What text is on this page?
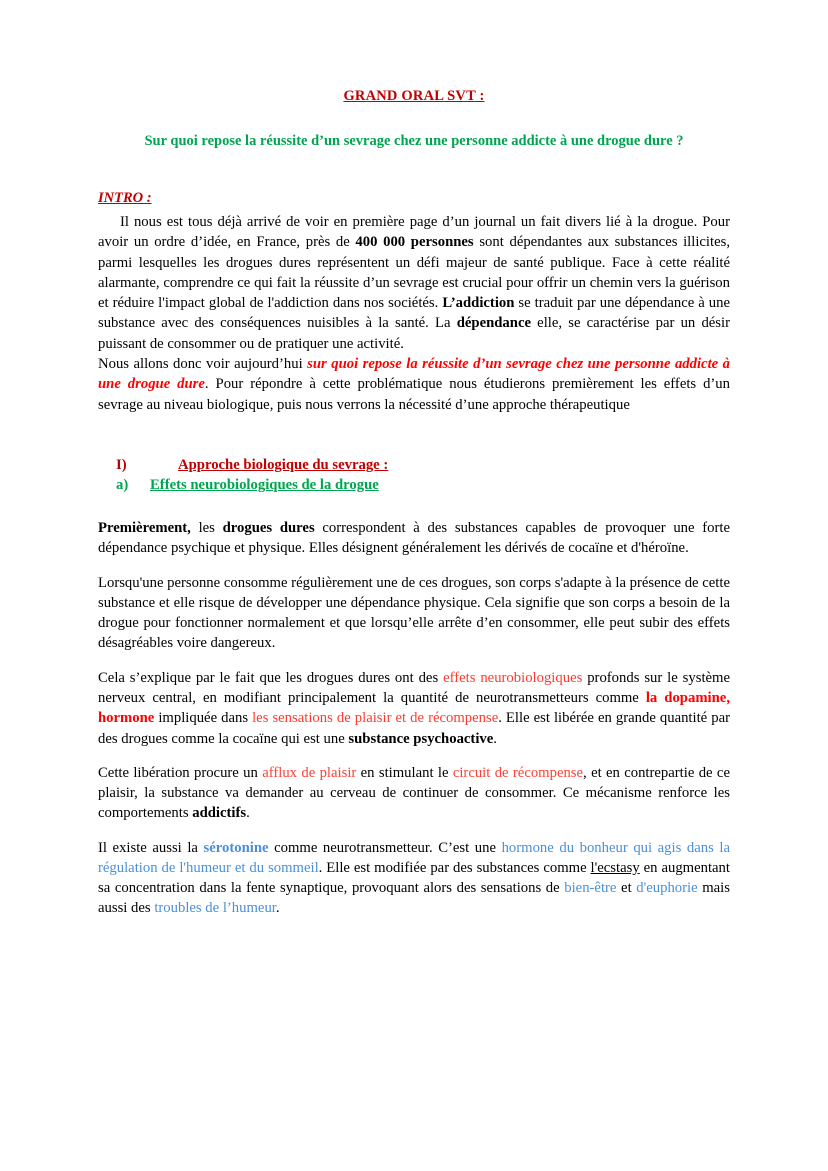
GRAND ORAL SVT :
Sur quoi repose la réussite d’un sevrage chez une personne addicte à une drogue dure ?
INTRO :

Il nous est tous déjà arrivé de voir en première page d’un journal un fait divers lié à la drogue. Pour avoir un ordre d’idée, en France, près de 400 000 personnes sont dépendantes aux substances illicites, parmi lesquelles les drogues dures représentent un défi majeur de santé publique. Face à cette réalité alarmante, comprendre ce qui fait la réussite d’un sevrage est crucial pour offrir un chemin vers la guérison et réduire l'impact global de l'addiction dans nos sociétés. L’addiction se traduit par une dépendance à une substance avec des conséquences nuisibles à la santé. La dépendance elle, se caractérise par un désir puissant de consommer ou de pratiquer une activité.

Nous allons donc voir aujourd’hui sur quoi repose la réussite d’un sevrage chez une personne addicte à une drogue dure. Pour répondre à cette problématique nous étudierons premièrement les effets d’un sevrage au niveau biologique, puis nous verrons la nécessité d’une approche thérapeutique

I)	Approche biologique du sevrage :
a)	Effets neurobiologiques de la drogue

Premièrement, les drogues dures correspondent à des substances capables de provoquer une forte dépendance psychique et physique. Elles désignent généralement les dérivés de cocaïne et d'héroïne.

Lorsqu'une personne consomme régulièrement une de ces drogues, son corps s'adapte à la présence de cette substance et elle risque de développer une dépendance physique. Cela signifie que son corps a besoin de la drogue pour fonctionner normalement et que lorsqu’elle arrête d’en consommer, elle peut subir des effets désagréables voire dangereux.

Cela s’explique par le fait que les drogues dures ont des effets neurobiologiques profonds sur le système nerveux central, en modifiant principalement la quantité de neurotransmetteurs comme la dopamine, hormone impliquée dans les sensations de plaisir et de récompense. Elle est libérée en grande quantité par des drogues comme la cocaïne qui est une substance psychoactive.

Cette libération procure un afflux de plaisir en stimulant le circuit de récompense, et en contrepartie de ce plaisir, la substance va demander au cerveau de continuer de consommer. Ce mécanisme renforce les comportements addictifs.

Il existe aussi la sérotonine comme neurotransmetteur. C’est une hormone du bonheur qui agis dans la régulation de l'humeur et du sommeil. Elle est modifiée par des substances comme l'ecstasy en augmentant sa concentration dans la fente synaptique, provoquant alors des sensations de bien-être et d'euphorie mais aussi des troubles de l’humeur.
